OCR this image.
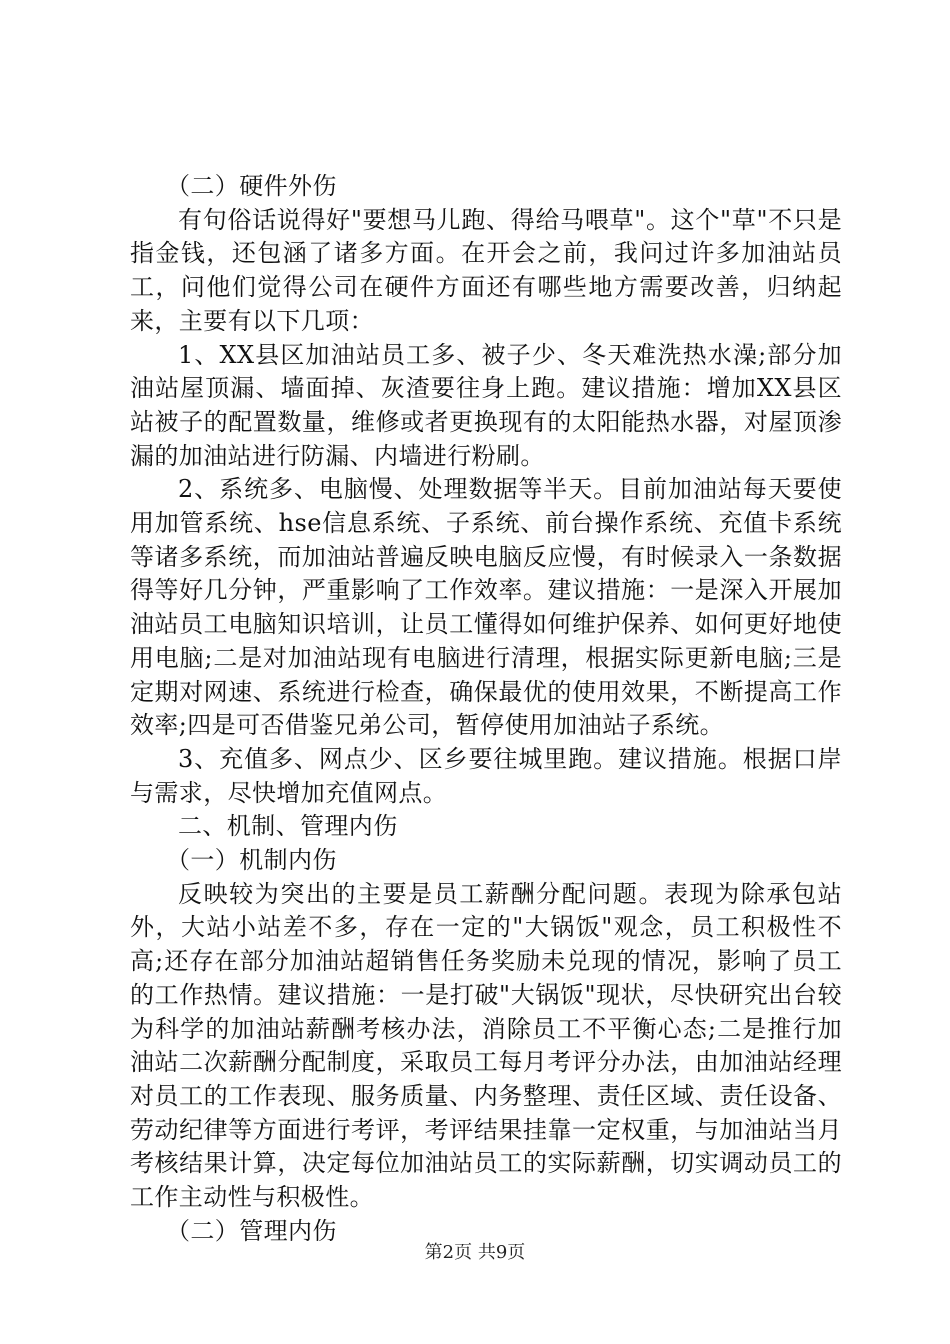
（二）硬件外伤

有句俗话说得好"要想马儿跑、得给马喂草"。这个"草"不只是指金钱，还包涵了诸多方面。在开会之前，我问过许多加油站员工，问他们觉得公司在硬件方面还有哪些地方需要改善，归纳起来，主要有以下几项：

1、XX县区加油站员工多、被子少、冬天难洗热水澡;部分加油站屋顶漏、墙面掉、灰渣要往身上跑。建议措施：增加XX县区站被子的配置数量，维修或者更换现有的太阳能热水器，对屋顶渗漏的加油站进行防漏、内墙进行粉刷。

2、系统多、电脑慢、处理数据等半天。目前加油站每天要使用加管系统、hse信息系统、子系统、前台操作系统、充值卡系统等诸多系统，而加油站普遍反映电脑反应慢，有时候录入一条数据得等好几分钟，严重影响了工作效率。建议措施：一是深入开展加油站员工电脑知识培训，让员工懂得如何维护保养、如何更好地使用电脑;二是对加油站现有电脑进行清理，根据实际更新电脑;三是定期对网速、系统进行检查，确保最优的使用效果，不断提高工作效率;四是可否借鉴兄弟公司，暂停使用加油站子系统。

3、充值多、网点少、区乡要往城里跑。建议措施。根据口岸与需求，尽快增加充值网点。

二、机制、管理内伤

（一）机制内伤

反映较为突出的主要是员工薪酬分配问题。表现为除承包站外，大站小站差不多，存在一定的"大锅饭"观念，员工积极性不高;还存在部分加油站超销售任务奖励未兑现的情况，影响了员工的工作热情。建议措施：一是打破"大锅饭"现状，尽快研究出台较为科学的加油站薪酬考核办法，消除员工不平衡心态;二是推行加油站二次薪酬分配制度，采取员工每月考评分办法，由加油站经理对员工的工作表现、服务质量、内务整理、责任区域、责任设备、劳动纪律等方面进行考评，考评结果挂靠一定权重，与加油站当月考核结果计算，决定每位加油站员工的实际薪酬，切实调动员工的工作主动性与积极性。

（二）管理内伤

第2页 共9页
